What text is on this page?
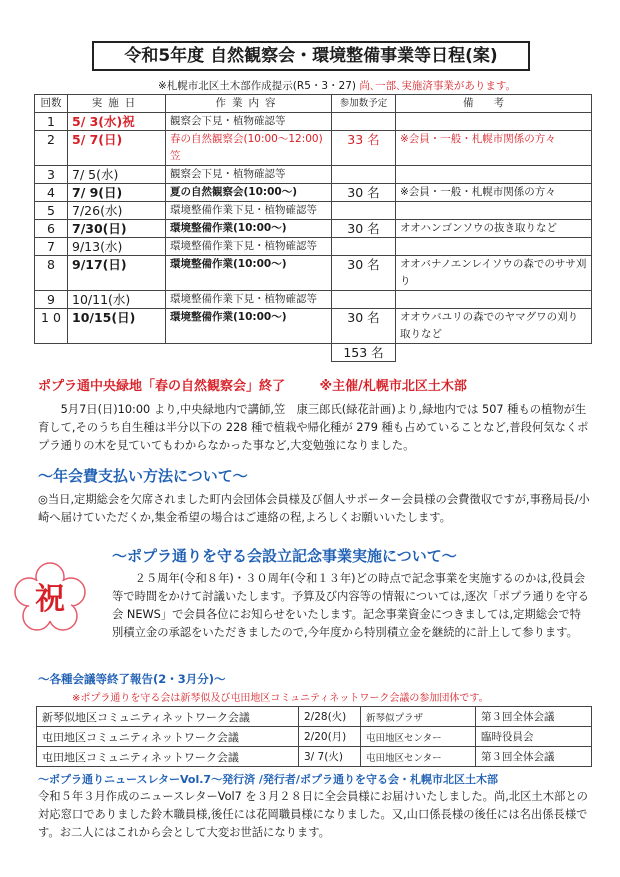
令和5年度 自然観察会・環境整備事業等日程(案)
※札幌市北区土木部作成提示(R5・3・27) 尚､一部､実施済事業があります。
回数	実施日	作業内容	参加数予定	備考
1	5/ 3(水)祝	観察会下見・植物確認等		
2	5/ 7(日)	春の自然観察会(10:00～12:00)笠	33 名	※会員・一般・札幌市関係の方々
3	7/ 5(水)	観察会下見・植物確認等		
4	7/ 9(日)	夏の自然観察会(10:00～)	30 名	※会員・一般・札幌市関係の方々
5	7/26(水)	環境整備作業下見・植物確認等		
6	7/30(日)	環境整備作業(10:00～)	30 名	オオハンゴンソウの抜き取りなど
7	9/13(水)	環境整備作業下見・植物確認等		
8	9/17(日)	環境整備作業(10:00～)	30 名	オオバナノエンレイソウの森でのササ刈り
9	10/11(水)	環境整備作業下見・植物確認等		
1 0	10/15(日)	環境整備作業(10:00～)	30 名	オオウバユリの森でのヤマグワの刈り取りなど
			153 名	
ポプラ通中央緑地「春の自然観察会」終了	※主催/札幌市北区土木部
5月7日(日)10:00 より,中央緑地内で講師,笠　康三郎氏(緑花計画)より,緑地内では 507 種もの植物が生育して,そのうち自生種は半分以下の 228 種で植栽や帰化種が 279 種も占めていることなど,普段何気なくポプラ通りの木を見ていてもわからなかった事など,大変勉強になりました。
～年会費支払い方法について～
◎当日,定期総会を欠席されました町内会団体会員様及び個人サポーター会員様の会費徴収ですが,事務局長/小崎へ届けていただくか,集金希望の場合はご連絡の程,よろしくお願いいたします。
祝
～ポプラ通りを守る会設立記念事業実施について～
２５周年(令和８年)・３０周年(令和１３年)どの時点で記念事業を実施するのかは,役員会等で時間をかけて討議いたします。予算及び内容等の情報については,逐次「ポプラ通りを守る会 NEWS」で会員各位にお知らせをいたします。記念事業資金につきましては,定期総会で特別積立金の承認をいただきましたので,今年度から特別積立金を継続的に計上して参ります。
～各種会議等終了報告(2・3月分)～
※ポプラ通りを守る会は新琴似及び屯田地区コミュニティネットワーク会議の参加団体です。
新琴似地区コミュニティネットワーク会議	2/28(火)	新琴似プラザ	第３回全体会議
屯田地区コミュニティネットワーク会議	2/20(月)	屯田地区センター	臨時役員会
屯田地区コミュニティネットワーク会議	3/ 7(火)	屯田地区センター	第３回全体会議
～ポプラ通りニュースレターVol.7～発行済 /発行者/ポプラ通りを守る会・札幌市北区土木部
令和５年３月作成のニュースレターVol7 を３月２８日に全会員様にお届けいたしました。尚,北区土木部との対応窓口でありました鈴木職員様,後任には花岡職員様になりました。又,山口係長様の後任には名出係長様です。お二人にはこれから会として大変お世話になります。
